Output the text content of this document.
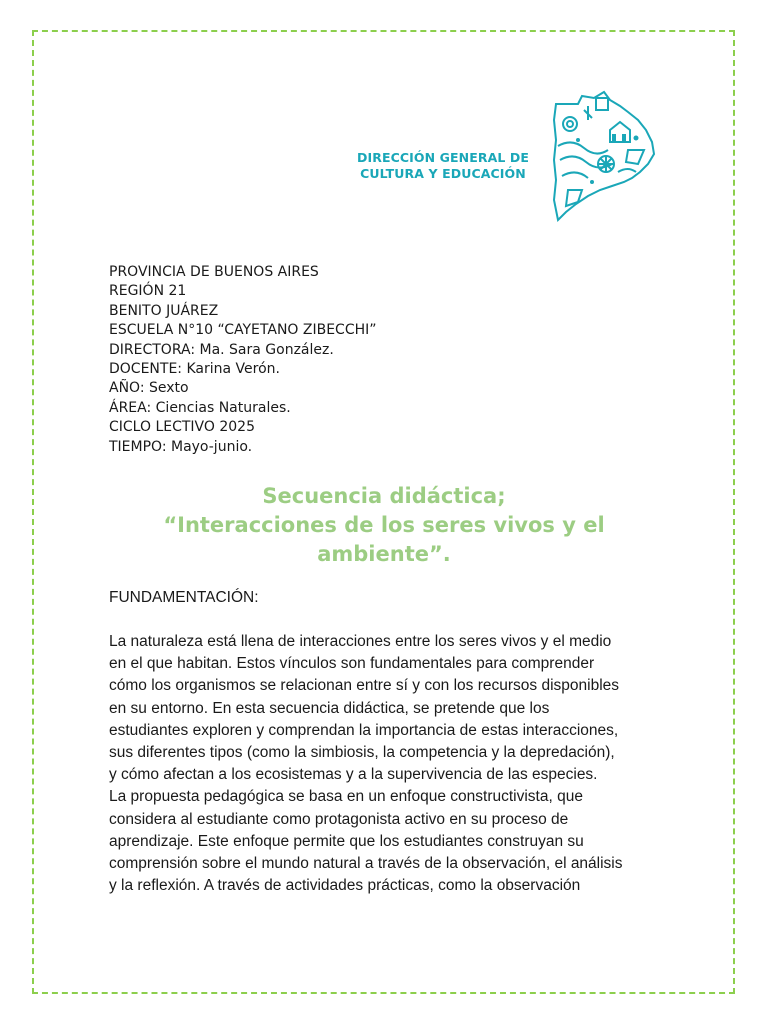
DIRECCIÓN GENERAL DE
CULTURA Y EDUCACIÓN
PROVINCIA DE BUENOS AIRES
REGIÓN 21
BENITO JUÁREZ
ESCUELA N°10 “CAYETANO ZIBECCHI”
DIRECTORA: Ma. Sara González.
DOCENTE: Karina Verón.
AÑO: Sexto
ÁREA: Ciencias Naturales.
CICLO LECTIVO 2025
TIEMPO: Mayo-junio.
Secuencia didáctica;
“Interacciones de los seres vivos y el
ambiente”.
FUNDAMENTACIÓN:
La naturaleza está llena de interacciones entre los seres vivos y el medio
en el que habitan. Estos vínculos son fundamentales para comprender
cómo los organismos se relacionan entre sí y con los recursos disponibles
en su entorno. En esta secuencia didáctica, se pretende que los
estudiantes exploren y comprendan la importancia de estas interacciones,
sus diferentes tipos (como la simbiosis, la competencia y la depredación),
y cómo afectan a los ecosistemas y a la supervivencia de las especies.
La propuesta pedagógica se basa en un enfoque constructivista, que
considera al estudiante como protagonista activo en su proceso de
aprendizaje. Este enfoque permite que los estudiantes construyan su
comprensión sobre el mundo natural a través de la observación, el análisis
y la reflexión. A través de actividades prácticas, como la observación
